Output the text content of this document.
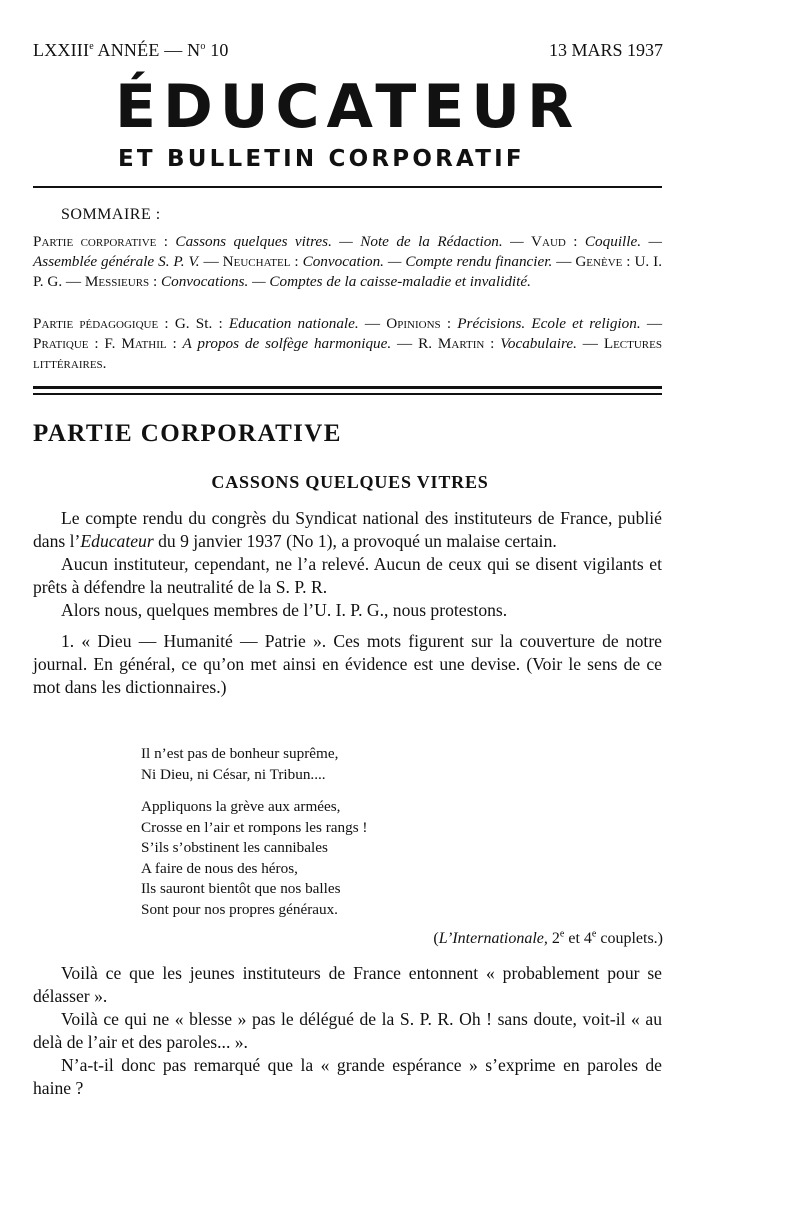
LXXIIIe ANNÉE — $N^o$ 10	13 MARS 1937
ÉDUCATEUR
ET BULLETIN CORPORATIF
SOMMAIRE :

Partie corporative : Cassons quelques vitres. — Note de la Rédaction. — Vaud : Coquille. — Assemblée générale S. P. V. — Neuchatel : Convocation. — Compte rendu financier. — Genève : U. I. P. G. — Messieurs : Convocations. — Comptes de la caisse-maladie et invalidité.

Partie pédagogique : G. St. : Education nationale. — Opinions : Précisions. Ecole et religion. — Pratique : F. Mathil : A propos de solfège harmonique. — R. Martin : Vocabulaire. — Lectures littéraires.

PARTIE CORPORATIVE
CASSONS QUELQUES VITRES

Le compte rendu du congrès du Syndicat national des instituteurs de France, publié dans l’Educateur du 9 janvier 1937 (No 1), a provoqué un malaise certain.

Aucun instituteur, cependant, ne l’a relevé. Aucun de ceux qui se disent vigilants et prêts à défendre la neutralité de la S. P. R.

Alors nous, quelques membres de l’U. I. P. G., nous protestons.

1. « Dieu — Humanité — Patrie ». Ces mots figurent sur la couverture de notre journal. En général, ce qu’on met ainsi en évidence est une devise. (Voir le sens de ce mot dans les dictionnaires.)

Il n’est pas de bonheur suprême,
Ni Dieu, ni César, ni Tribun....
Appliquons la grève aux armées,
Crosse en l’air et rompons les rangs !
S’ils s’obstinent les cannibales
A faire de nous des héros,
Ils sauront bientôt que nos balles
Sont pour nos propres généraux.
(L’Internationale, 2e et 4e couplets.)

Voilà ce que les jeunes instituteurs de France entonnent « probablement pour se délasser ».

Voilà ce qui ne « blesse » pas le délégué de la S. P. R. Oh ! sans doute, voit-il « au delà de l’air et des paroles... ».

N’a-t-il donc pas remarqué que la « grande espérance » s’exprime en paroles de haine ?
